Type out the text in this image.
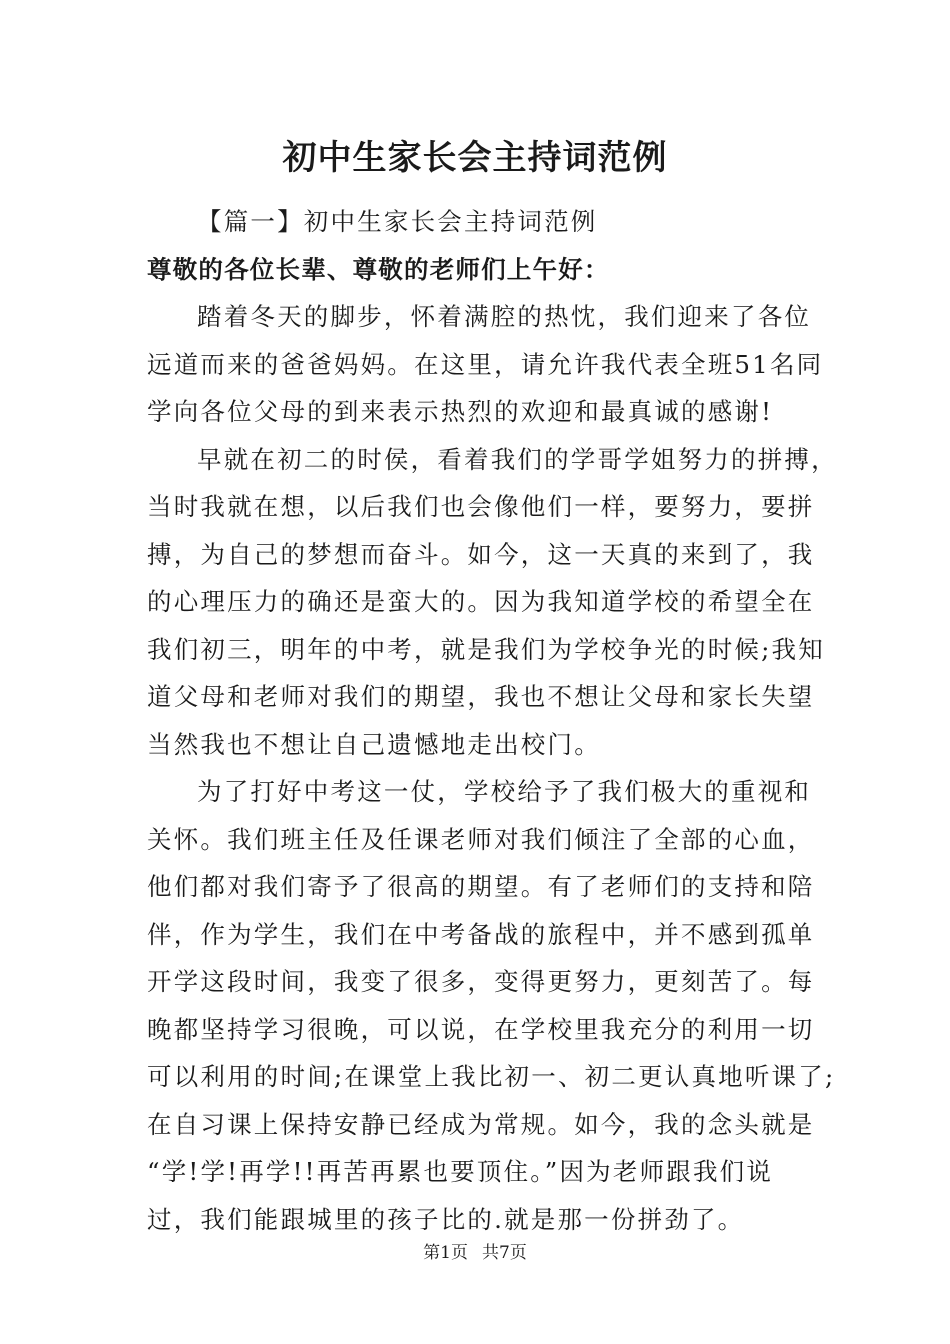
初中生家长会主持词范例
【篇一】初中生家长会主持词范例
尊敬的各位长辈、尊敬的老师们上午好：
踏着冬天的脚步，怀着满腔的热忱，我们迎来了各位
远道而来的爸爸妈妈。在这里，请允许我代表全班51名同
学向各位父母的到来表示热烈的欢迎和最真诚的感谢!
早就在初二的时侯，看着我们的学哥学姐努力的拼搏，
当时我就在想，以后我们也会像他们一样，要努力，要拼
搏，为自己的梦想而奋斗。如今，这一天真的来到了，我
的心理压力的确还是蛮大的。因为我知道学校的希望全在
我们初三，明年的中考，就是我们为学校争光的时候;我知
道父母和老师对我们的期望，我也不想让父母和家长失望
当然我也不想让自己遗憾地走出校门。
为了打好中考这一仗，学校给予了我们极大的重视和
关怀。我们班主任及任课老师对我们倾注了全部的心血，
他们都对我们寄予了很高的期望。有了老师们的支持和陪
伴，作为学生，我们在中考备战的旅程中，并不感到孤单
开学这段时间，我变了很多，变得更努力，更刻苦了。每
晚都坚持学习很晚，可以说，在学校里我充分的利用一切
可以利用的时间;在课堂上我比初一、初二更认真地听课了;
在自习课上保持安静已经成为常规。如今，我的念头就是
“学!学!再学!!再苦再累也要顶住。”因为老师跟我们说
过，我们能跟城里的孩子比的.就是那一份拼劲了。
第1页 共7页
